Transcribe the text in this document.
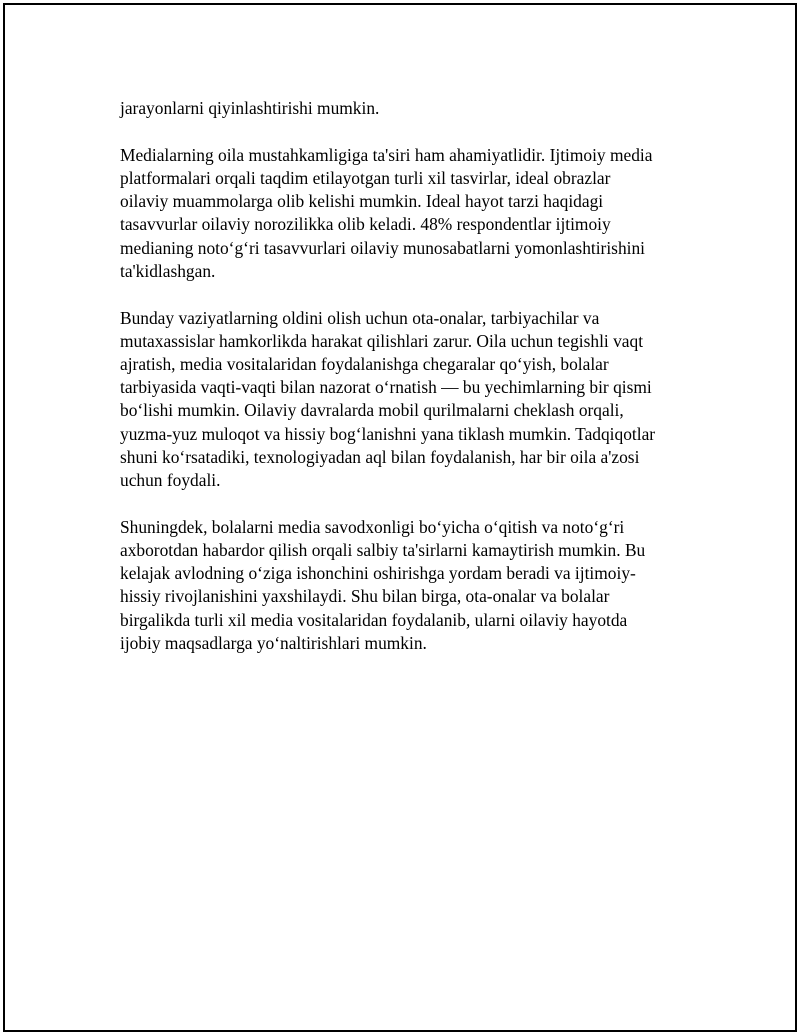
jarayonlarni qiyinlashtirishi mumkin.

Medialarning oila mustahkamligiga ta'siri ham ahamiyatlidir. Ijtimoiy media
platformalari orqali taqdim etilayotgan turli xil tasvirlar, ideal obrazlar
oilaviy muammolarga olib kelishi mumkin. Ideal hayot tarzi haqidagi
tasavvurlar oilaviy norozilikka olib keladi. 48% respondentlar ijtimoiy
medianing noto‘g‘ri tasavvurlari oilaviy munosabatlarni yomonlashtirishini
ta'kidlashgan.

Bunday vaziyatlarning oldini olish uchun ota-onalar, tarbiyachilar va
mutaxassislar hamkorlikda harakat qilishlari zarur. Oila uchun tegishli vaqt
ajratish, media vositalaridan foydalanishga chegaralar qo‘yish, bolalar
tarbiyasida vaqti-vaqti bilan nazorat o‘rnatish — bu yechimlarning bir qismi
bo‘lishi mumkin. Oilaviy davralarda mobil qurilmalarni cheklash orqali,
yuzma-yuz muloqot va hissiy bog‘lanishni yana tiklash mumkin. Tadqiqotlar
shuni ko‘rsatadiki, texnologiyadan aql bilan foydalanish, har bir oila a'zosi
uchun foydali.

Shuningdek, bolalarni media savodxonligi bo‘yicha o‘qitish va noto‘g‘ri
axborotdan habardor qilish orqali salbiy ta'sirlarni kamaytirish mumkin. Bu
kelajak avlodning o‘ziga ishonchini oshirishga yordam beradi va ijtimoiy-
hissiy rivojlanishini yaxshilaydi. Shu bilan birga, ota-onalar va bolalar
birgalikda turli xil media vositalaridan foydalanib, ularni oilaviy hayotda
ijobiy maqsadlarga yo‘naltirishlari mumkin.
